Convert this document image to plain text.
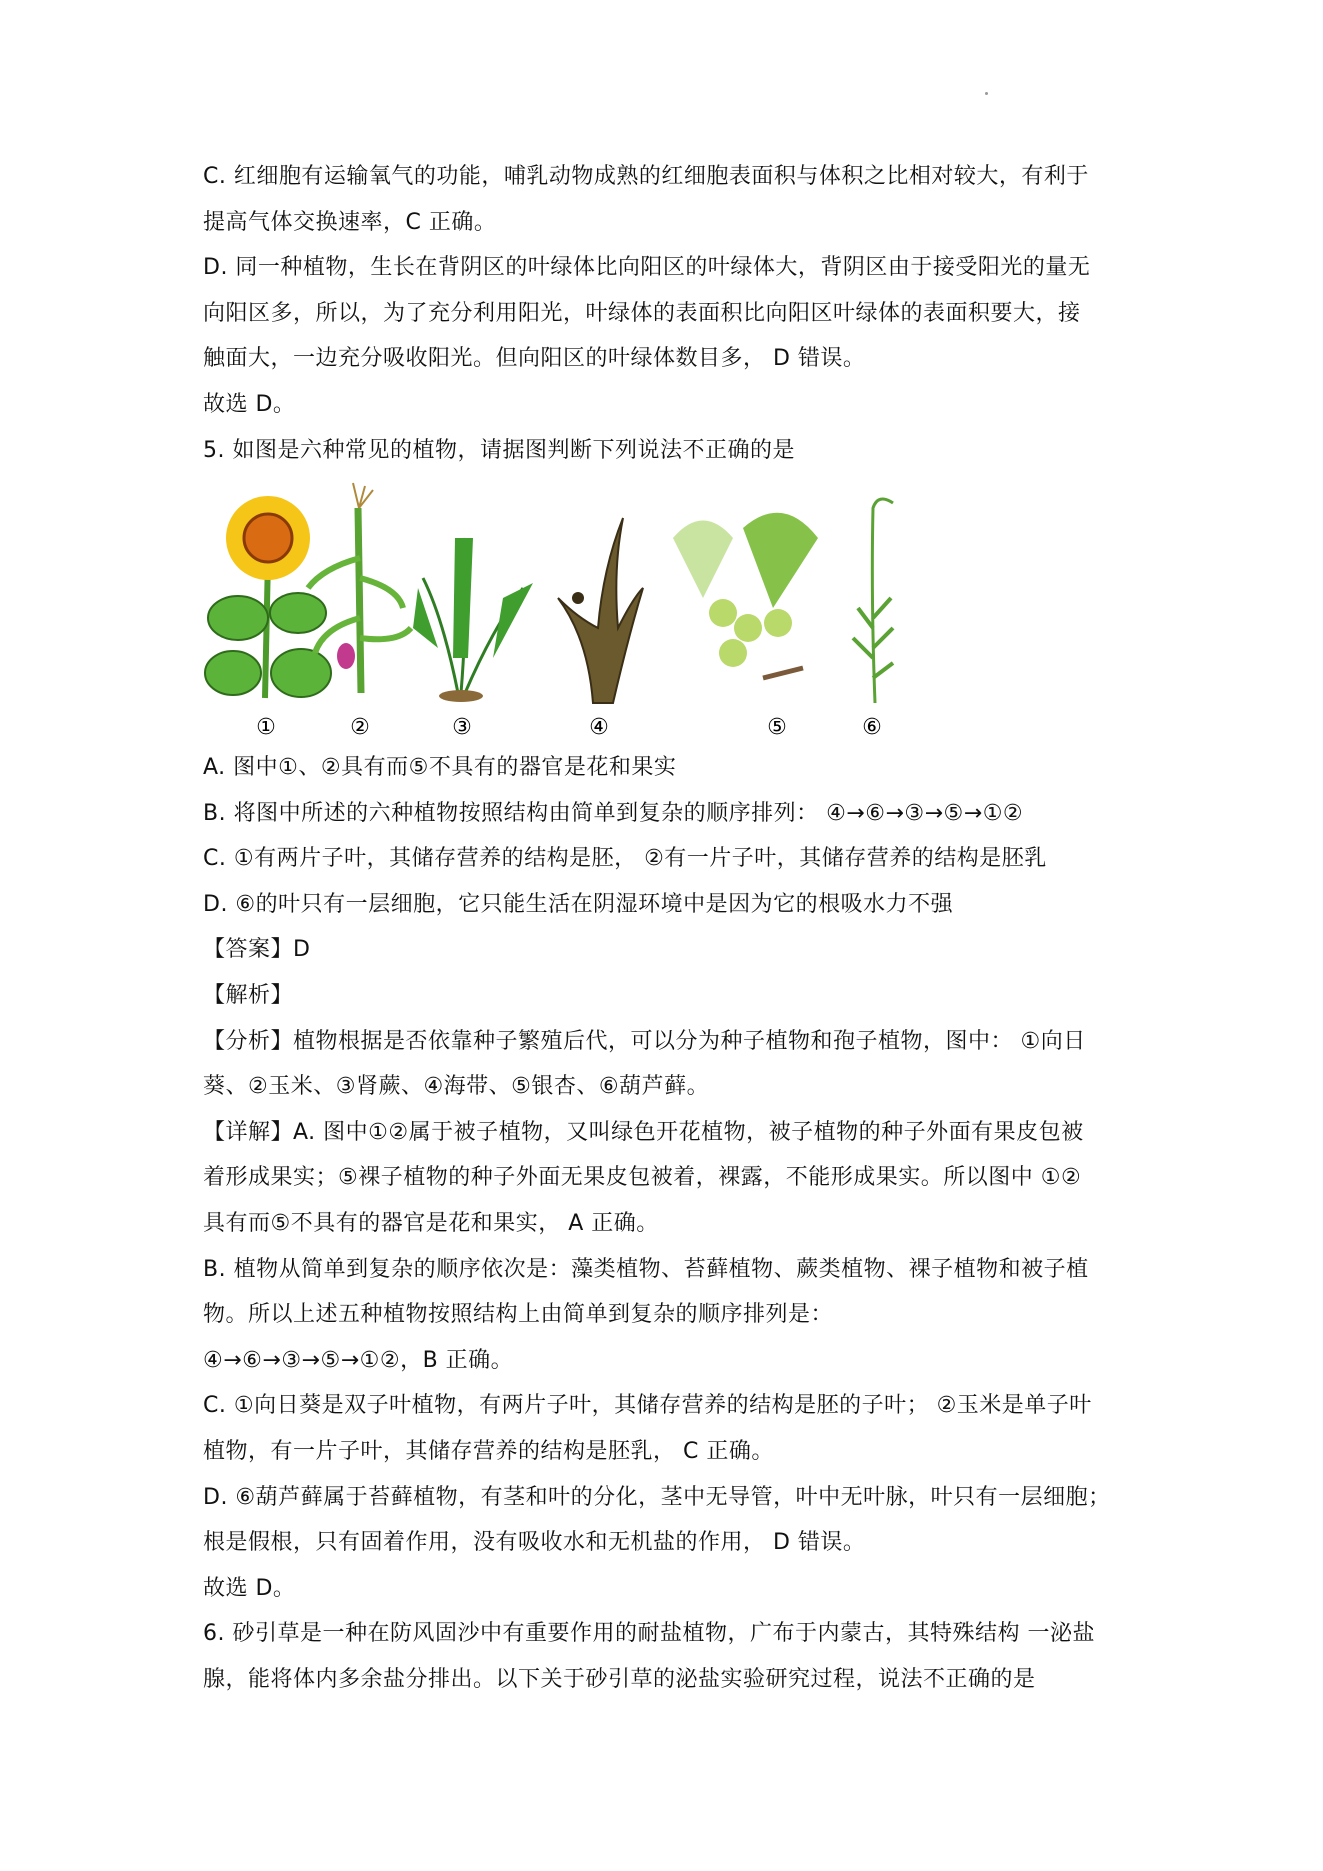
C. 红细胞有运输氧气的功能，哺乳动物成熟的红细胞表面积与体积之比相对较大，有利于
提高气体交换速率，C 正确。
D. 同一种植物，生长在背阴区的叶绿体比向阳区的叶绿体大，背阴区由于接受阳光的量无
向阳区多，所以，为了充分利用阳光，叶绿体的表面积比向阳区叶绿体的表面积要大，接
触面大，一边充分吸收阳光。但向阳区的叶绿体数目多， D 错误。
故选 D。
5. 如图是六种常见的植物，请据图判断下列说法不正确的是
①	②	③	④	⑤	⑥
A. 图中①、②具有而⑤不具有的器官是花和果实
B. 将图中所述的六种植物按照结构由简单到复杂的顺序排列： ④→⑥→③→⑤→①②
C. ①有两片子叶，其储存营养的结构是胚， ②有一片子叶，其储存营养的结构是胚乳
D. ⑥的叶只有一层细胞，它只能生活在阴湿环境中是因为它的根吸水力不强
【答案】D
【解析】
【分析】植物根据是否依靠种子繁殖后代，可以分为种子植物和孢子植物，图中： ①向日
葵、②玉米、③肾蕨、④海带、⑤银杏、⑥葫芦藓。
【详解】A. 图中①②属于被子植物，又叫绿色开花植物，被子植物的种子外面有果皮包被
着形成果实；⑤裸子植物的种子外面无果皮包被着，裸露，不能形成果实。所以图中 ①②
具有而⑤不具有的器官是花和果实， A 正确。
B. 植物从简单到复杂的顺序依次是：藻类植物、苔藓植物、蕨类植物、裸子植物和被子植
物。所以上述五种植物按照结构上由简单到复杂的顺序排列是：
④→⑥→③→⑤→①②，B 正确。
C. ①向日葵是双子叶植物，有两片子叶，其储存营养的结构是胚的子叶； ②玉米是单子叶
植物，有一片子叶，其储存营养的结构是胚乳， C 正确。
D. ⑥葫芦藓属于苔藓植物，有茎和叶的分化，茎中无导管，叶中无叶脉，叶只有一层细胞；
根是假根，只有固着作用，没有吸收水和无机盐的作用， D 错误。
故选 D。
6. 砂引草是一种在防风固沙中有重要作用的耐盐植物，广布于内蒙古，其特殊结构 一泌盐
腺，能将体内多余盐分排出。以下关于砂引草的泌盐实验研究过程，说法不正确的是
